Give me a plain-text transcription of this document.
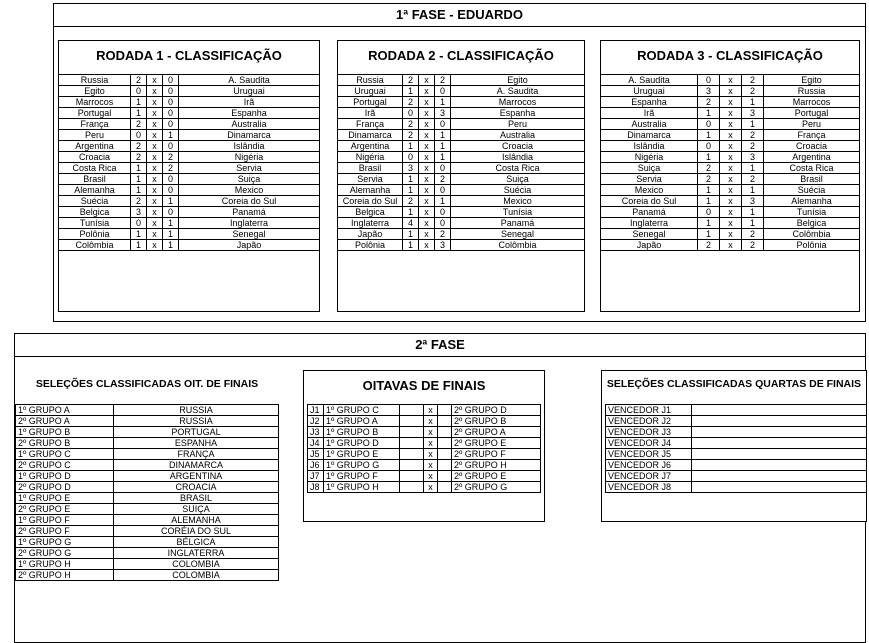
1ª FASE - EDUARDO
RODADA 1 - CLASSIFICAÇÃO	RODADA 2 - CLASSIFICAÇÃO	RODADA 3 - CLASSIFICAÇÃO
Russia	2	x	0	A. Saudita
Egito	0	x	0	Uruguai
Marrocos	1	x	0	Irã
Portugal	1	x	0	Espanha
França	2	x	0	Australia
Peru	0	x	1	Dinamarca
Argentina	2	x	0	Islândia
Croacia	2	x	2	Nigéria
Costa Rica	1	x	2	Servia
Brasil	1	x	0	Suiça
Alemanha	1	x	0	Mexico
Suécia	2	x	1	Coreia do Sul
Belgica	3	x	0	Panamá
Tunísia	0	x	1	Inglaterra
Polônia	1	x	1	Senegal
Colômbia	1	x	1	Japão
Russia	2	x	2	Egito
Uruguai	1	x	0	A. Saudita
Portugal	2	x	1	Marrocos
Irã	0	x	3	Espanha
França	2	x	0	Peru
Dinamarca	2	x	1	Australia
Argentina	1	x	1	Croacia
Nigéria	0	x	1	Islândia
Brasil	3	x	0	Costa Rica
Servia	1	x	2	Suiça
Alemanha	1	x	0	Suécia
Coreia do Sul	2	x	1	Mexico
Belgica	1	x	0	Tunísia
Inglaterra	4	x	0	Panamá
Japão	1	x	2	Senegal
Polônia	1	x	3	Colômbia
A. Saudita	0	x	2	Egito
Uruguai	3	x	2	Russia
Espanha	2	x	1	Marrocos
Irã	1	x	3	Portugal
Australia	0	x	1	Peru
Dinamarca	1	x	2	França
Islândia	0	x	2	Croacia
Nigéria	1	x	3	Argentina
Suiça	2	x	1	Costa Rica
Servia	2	x	2	Brasil
Mexico	1	x	1	Suécia
Coreia do Sul	1	x	3	Alemanha
Panamá	0	x	1	Tunísia
Inglaterra	1	x	1	Belgica
Senegal	1	x	2	Colômbia
Japão	2	x	2	Polônia
2ª FASE
SELEÇÕES CLASSIFICADAS OIT. DE FINAIS
1º GRUPO A	RUSSIA
2º GRUPO A	RUSSIA
1º GRUPO B	PORTUGAL
2º GRUPO B	ESPANHA
1º GRUPO C	FRANÇA
2º GRUPO C	DINAMARCA
1º GRUPO D	ARGENTINA
2º GRUPO D	CROACIA
1º GRUPO E	BRASIL
2º GRUPO E	SUIÇA
1º GRUPO F	ALEMANHA
2º GRUPO F	CORÉIA DO SUL
1º GRUPO G	BÉLGICA
2º GRUPO G	INGLATERRA
1º GRUPO H	COLOMBIA
2º GRUPO H	COLOMBIA
OITAVAS DE FINAIS
J1	1º GRUPO C		x		2º GRUPO D
J2	1º GRUPO A		x		2º GRUPO B
J3	1º GRUPO B		x		2º GRUPO A
J4	1º GRUPO D		x		2º GRUPO E
J5	1º GRUPO E		x		2º GRUPO F
J6	1º GRUPO G		x		2º GRUPO H
J7	1º GRUPO F		x		2º GRUPO E
J8	1º GRUPO H		x		2º GRUPO G
SELEÇÕES CLASSIFICADAS QUARTAS DE FINAIS
VENCEDOR J1	
VENCEDOR J2	
VENCEDOR J3	
VENCEDOR J4	
VENCEDOR J5	
VENCEDOR J6	
VENCEDOR J7	
VENCEDOR J8	
